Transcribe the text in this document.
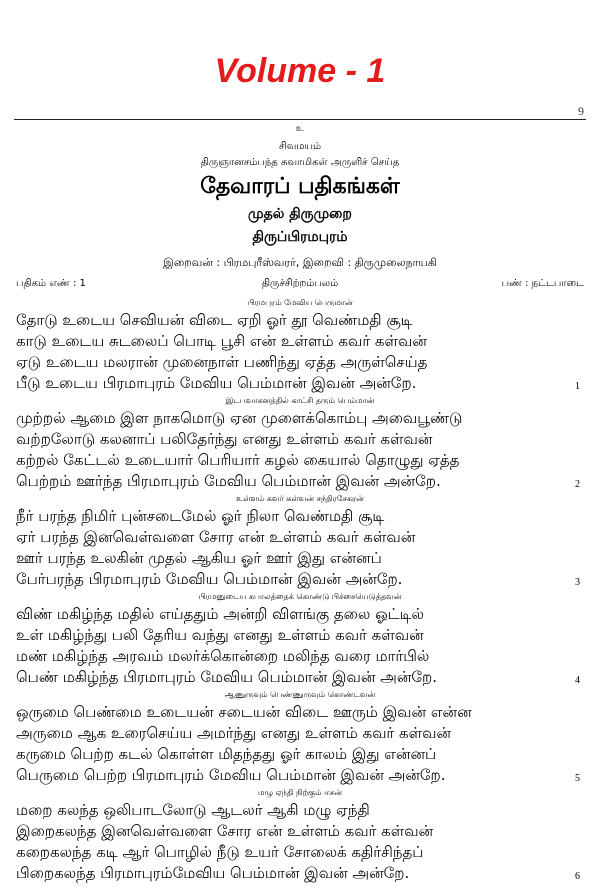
Volume - 1
9
உ
சிவமயம்
திருஞானசம்பந்த சுவாமிகள் அருளிச் செய்த
தேவாரப் பதிகங்கள்
முதல் திருமுறை
திருப்பிரமபுரம்
இறைவன் : பிரமபுரீஸ்வரர், இறைவி : திருமுலைநாயகி
திருச்சிற்றம்பலம்
பதிகம் எண் : 1	பண் : நட்டபாடை
பிரமபுரம் மேவிய பெருமான்
தோடு உடைய செவியன் விடை ஏறி ஓர் தூ வெண்மதி சூடி
காடு உடைய சுடலைப் பொடி பூசி என் உள்ளம் கவர் கள்வன்
ஏடு உடைய மலரான் முனைநாள் பணிந்து ஏத்த அருள்செய்த
பீடு உடைய பிரமாபுரம் மேவிய பெம்மான் இவன் அன்றே.	1
இடபவாகனத்தில் காட்சி தரும் பெம்மான்
முற்றல் ஆமை இள நாகமொடு ஏன முளைக்கொம்பு அவைபூண்டு
வற்றலோடு கலனாப் பலிதேர்ந்து எனது உள்ளம் கவர் கள்வன்
கற்றல் கேட்டல் உடையார் பெரியார் கழல் கையால் தொழுது ஏத்த
பெற்றம் ஊர்ந்த பிரமாபுரம் மேவிய பெம்மான் இவன் அன்றே.	2
உள்ளம் கவர் கள்வன் சந்திரசேகரன்
நீர் பரந்த நிமிர் புன்சடைமேல் ஓர் நிலா வெண்மதி சூடி
ஏர் பரந்த இனவெள்வளை சோர என் உள்ளம் கவர் கள்வன்
ஊர் பரந்த உலகின் முதல் ஆகிய ஓர் ஊர் இது என்னப்
பேர்பரந்த பிரமாபுரம் மேவிய பெம்மான் இவன் அன்றே.	3
பிரமனுடைய கபாலத்தைக் கொண்டு பிச்சையெடுத்தவன்
விண் மகிழ்ந்த மதில் எய்ததும் அன்றி விளங்கு தலை ஓட்டில்
உள் மகிழ்ந்து பலி தேரிய வந்து எனது உள்ளம் கவர் கள்வன்
மண் மகிழ்ந்த அரவம் மலர்க்கொன்றை மலிந்த வரை மார்பில்
பெண் மகிழ்ந்த பிரமாபுரம் மேவிய பெம்மான் இவன் அன்றே.	4
ஆணுருவும் பெண்ணுருவும் கொண்டவன்
ஒருமை பெண்மை உடையன் சடையன் விடை ஊரும் இவன் என்ன
அருமை ஆக உரைசெய்ய அமர்ந்து எனது உள்ளம் கவர் கள்வன்
கருமை பெற்ற கடல் கொள்ள மிதந்தது ஓர் காலம் இது என்னப்
பெருமை பெற்ற பிரமாபுரம் மேவிய பெம்மான் இவன் அன்றே.	5
மழு ஏந்தி நிற்கும் ஈசன்
மறை கலந்த ஒலிபாடலோடு ஆடலர் ஆகி மழு ஏந்தி
இறைகலந்த இனவெள்வளை சோர என் உள்ளம் கவர் கள்வன்
கறைகலந்த கடி ஆர் பொழில் நீடு உயர் சோலைக் கதிர்சிந்தப்
பிறைகலந்த பிரமாபுரம்மேவிய பெம்மான் இவன் அன்றே.	6
